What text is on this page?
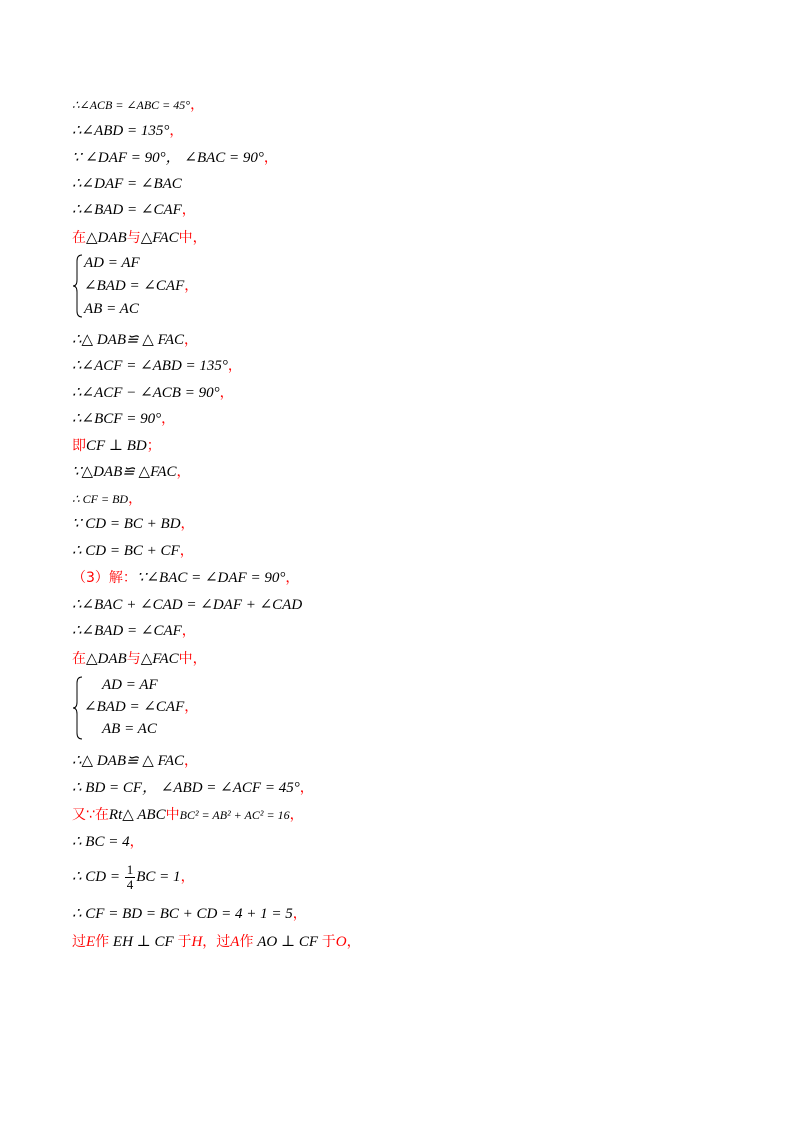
∴∠ACB = ∠ABC = 45°，
∴∠ABD = 135°，
∵ ∠DAF = 90°， ∠BAC = 90°，
∴∠DAF = ∠BAC
∴∠BAD = ∠CAF，
在△DAB与△FAC中，
AD = AF
∠BAD = ∠CAF，
AB = AC
∴△ DAB≌ △ FAC，
∴∠ACF = ∠ABD = 135°，
∴∠ACF − ∠ACB = 90°，
∴∠BCF = 90°，
即CF ⊥ BD；
∵△DAB≌ △FAC，
∴ CF = BD，
∵ CD = BC + BD，
∴ CD = BC + CF，
（3）解：∵∠BAC = ∠DAF = 90°，
∴∠BAC + ∠CAD = ∠DAF + ∠CAD
∴∠BAD = ∠CAF，
在△DAB与△FAC中，
AD = AF
∠BAD = ∠CAF，
AB = AC
∴△ DAB≌ △ FAC，
∴ BD = CF， ∠ABD = ∠ACF = 45°，
又∵在Rt△ ABC中BC² = AB² + AC² = 16，
∴ BC = 4，
∴ CD = $\frac{1}{4}$ BC = 1，
∴ CF = BD = BC + CD = 4 + 1 = 5，
过E作 EH ⊥ CF 于H，过A作 AO ⊥ CF 于O，
